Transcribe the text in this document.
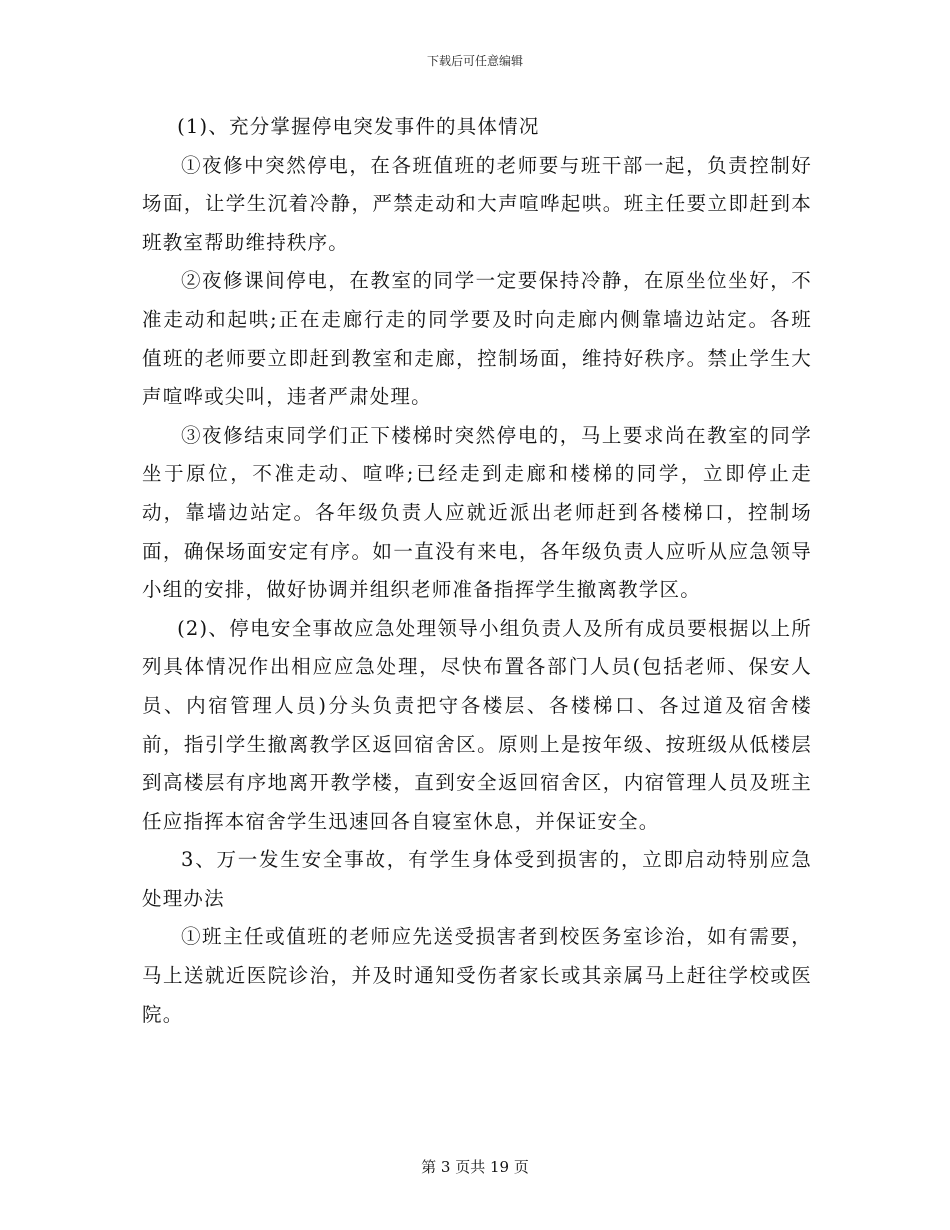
下载后可任意编辑

(1)、充分掌握停电突发事件的具体情况

①夜修中突然停电，在各班值班的老师要与班干部一起，负责控制好场面，让学生沉着冷静，严禁走动和大声喧哗起哄。班主任要立即赶到本班教室帮助维持秩序。

②夜修课间停电，在教室的同学一定要保持冷静，在原坐位坐好，不准走动和起哄;正在走廊行走的同学要及时向走廊内侧靠墙边站定。各班值班的老师要立即赶到教室和走廊，控制场面，维持好秩序。禁止学生大声喧哗或尖叫，违者严肃处理。

③夜修结束同学们正下楼梯时突然停电的，马上要求尚在教室的同学坐于原位，不准走动、喧哗;已经走到走廊和楼梯的同学，立即停止走动，靠墙边站定。各年级负责人应就近派出老师赶到各楼梯口，控制场面，确保场面安定有序。如一直没有来电，各年级负责人应听从应急领导小组的安排，做好协调并组织老师准备指挥学生撤离教学区。

(2)、停电安全事故应急处理领导小组负责人及所有成员要根据以上所列具体情况作出相应应急处理，尽快布置各部门人员(包括老师、保安人员、内宿管理人员)分头负责把守各楼层、各楼梯口、各过道及宿舍楼前，指引学生撤离教学区返回宿舍区。原则上是按年级、按班级从低楼层到高楼层有序地离开教学楼，直到安全返回宿舍区，内宿管理人员及班主任应指挥本宿舍学生迅速回各自寝室休息，并保证安全。

3、万一发生安全事故，有学生身体受到损害的，立即启动特别应急处理办法

①班主任或值班的老师应先送受损害者到校医务室诊治，如有需要，马上送就近医院诊治，并及时通知受伤者家长或其亲属马上赶往学校或医院。

第 3 页共 19 页
